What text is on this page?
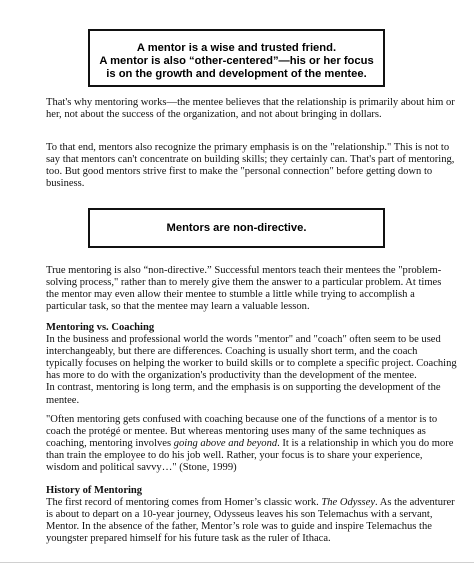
A mentor is a wise and trusted friend.
A mentor is also “other-centered”—his or her focus
is on the growth and development of the mentee.
That's why mentoring works—the mentee believes that the relationship is primarily about him or
her, not about the success of the organization, and not about bringing in dollars.
To that end, mentors also recognize the primary emphasis is on the "relationship." This is not to
say that mentors can't concentrate on building skills; they certainly can. That's part of mentoring,
too. But good mentors strive first to make the "personal connection" before getting down to
business.
Mentors are non-directive.
True mentoring is also “non-directive.” Successful mentors teach their mentees the "problem-
solving process," rather than to merely give them the answer to a particular problem. At times
the mentor may even allow their mentee to stumble a little while trying to accomplish a
particular task, so that the mentee may learn a valuable lesson.
Mentoring vs. Coaching
In the business and professional world the words "mentor" and "coach" often seem to be used
interchangeably, but there are differences. Coaching is usually short term, and the coach
typically focuses on helping the worker to build skills or to complete a specific project. Coaching
has more to do with the organization's productivity than the development of the mentee.
In contrast, mentoring is long term, and the emphasis is on supporting the development of the
mentee.
"Often mentoring gets confused with coaching because one of the functions of a mentor is to
coach the protégé or mentee. But whereas mentoring uses many of the same techniques as
coaching, mentoring involves going above and beyond. It is a relationship in which you do more
than train the employee to do his job well. Rather, your focus is to share your experience,
wisdom and political savvy…" (Stone, 1999)
History of Mentoring
The first record of mentoring comes from Homer’s classic work. The Odyssey. As the adventurer
is about to depart on a 10-year journey, Odysseus leaves his son Telemachus with a servant,
Mentor. In the absence of the father, Mentor’s role was to guide and inspire Telemachus the
youngster prepared himself for his future task as the ruler of Ithaca.
